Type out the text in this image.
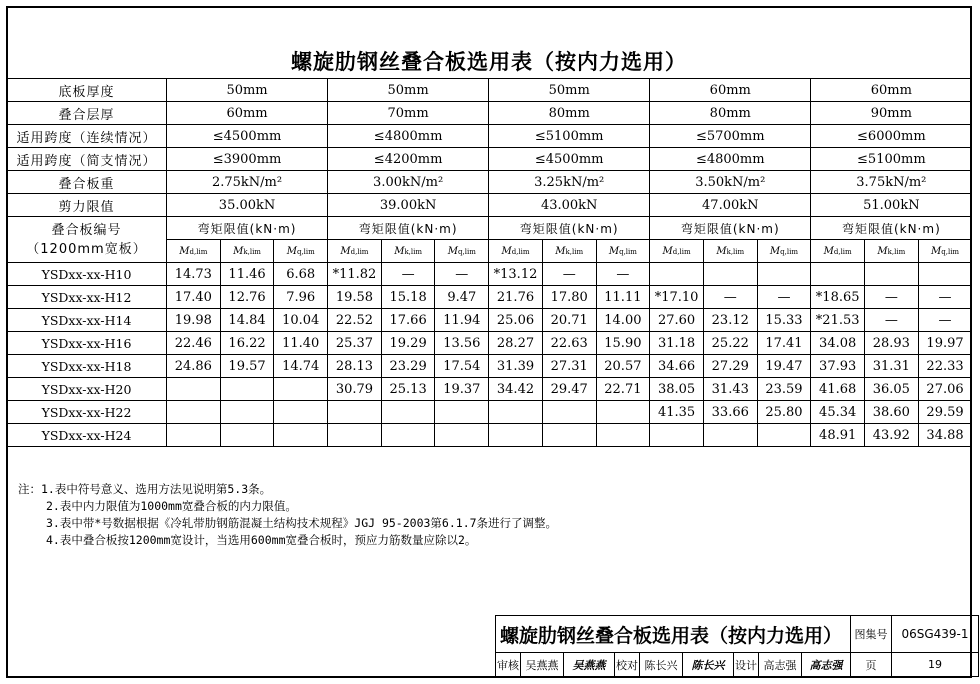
螺旋肋钢丝叠合板选用表（按内力选用）
底板厚度	50mm			50mm			50mm			60mm			60mm		
叠合层厚	60mm			70mm			80mm			80mm			90mm		
适用跨度（连续情况）	≤4500mm			≤4800mm			≤5100mm			≤5700mm			≤6000mm		
适用跨度（简支情况）	≤3900mm			≤4200mm			≤4500mm			≤4800mm			≤5100mm		
叠合板重	2.75kN/m²			3.00kN/m²			3.25kN/m²			3.50kN/m²			3.75kN/m²		
剪力限值	35.00kN			39.00kN			43.00kN			47.00kN			51.00kN		

叠合板编号
（1200mm宽板）	弯矩限值(kN·m)			弯矩限值(kN·m)			弯矩限值(kN·m)			弯矩限值(kN·m)			弯矩限值(kN·m)		
	Md,lim	Mk,lim	Mq,lim	Md,lim	Mk,lim	Mq,lim	Md,lim	Mk,lim	Mq,lim	Md,lim	Mk,lim	Mq,lim	Md,lim	Mk,lim	Mq,lim
YSDxx-xx-H10	14.73	11.46	6.68	*11.82	—	—	*13.12	—	—						
YSDxx-xx-H12	17.40	12.76	7.96	19.58	15.18	9.47	21.76	17.80	11.11	*17.10	—	—	*18.65	—	—
YSDxx-xx-H14	19.98	14.84	10.04	22.52	17.66	11.94	25.06	20.71	14.00	27.60	23.12	15.33	*21.53	—	—
YSDxx-xx-H16	22.46	16.22	11.40	25.37	19.29	13.56	28.27	22.63	15.90	31.18	25.22	17.41	34.08	28.93	19.97
YSDxx-xx-H18	24.86	19.57	14.74	28.13	23.29	17.54	31.39	27.31	20.57	34.66	27.29	19.47	37.93	31.31	22.33
YSDxx-xx-H20				30.79	25.13	19.37	34.42	29.47	22.71	38.05	31.43	23.59	41.68	36.05	27.06
YSDxx-xx-H22										41.35	33.66	25.80	45.34	38.60	29.59
YSDxx-xx-H24													48.91	43.92	34.88
注：1.表中符号意义、选用方法见说明第5.3条。
2.表中内力限值为1000mm宽叠合板的内力限值。
3.表中带*号数据根据《冷轧带肋钢筋混凝土结构技术规程》JGJ 95-2003第6.1.7条进行了调整。
4.表中叠合板按1200mm宽设计，当选用600mm宽叠合板时，预应力筋数量应除以2。
螺旋肋钢丝叠合板选用表（按内力选用）									图集号	06SG439-1
审核	吴燕燕	吴燕燕	校对	陈长兴	陈长兴	设计	高志强	高志强	页	19
